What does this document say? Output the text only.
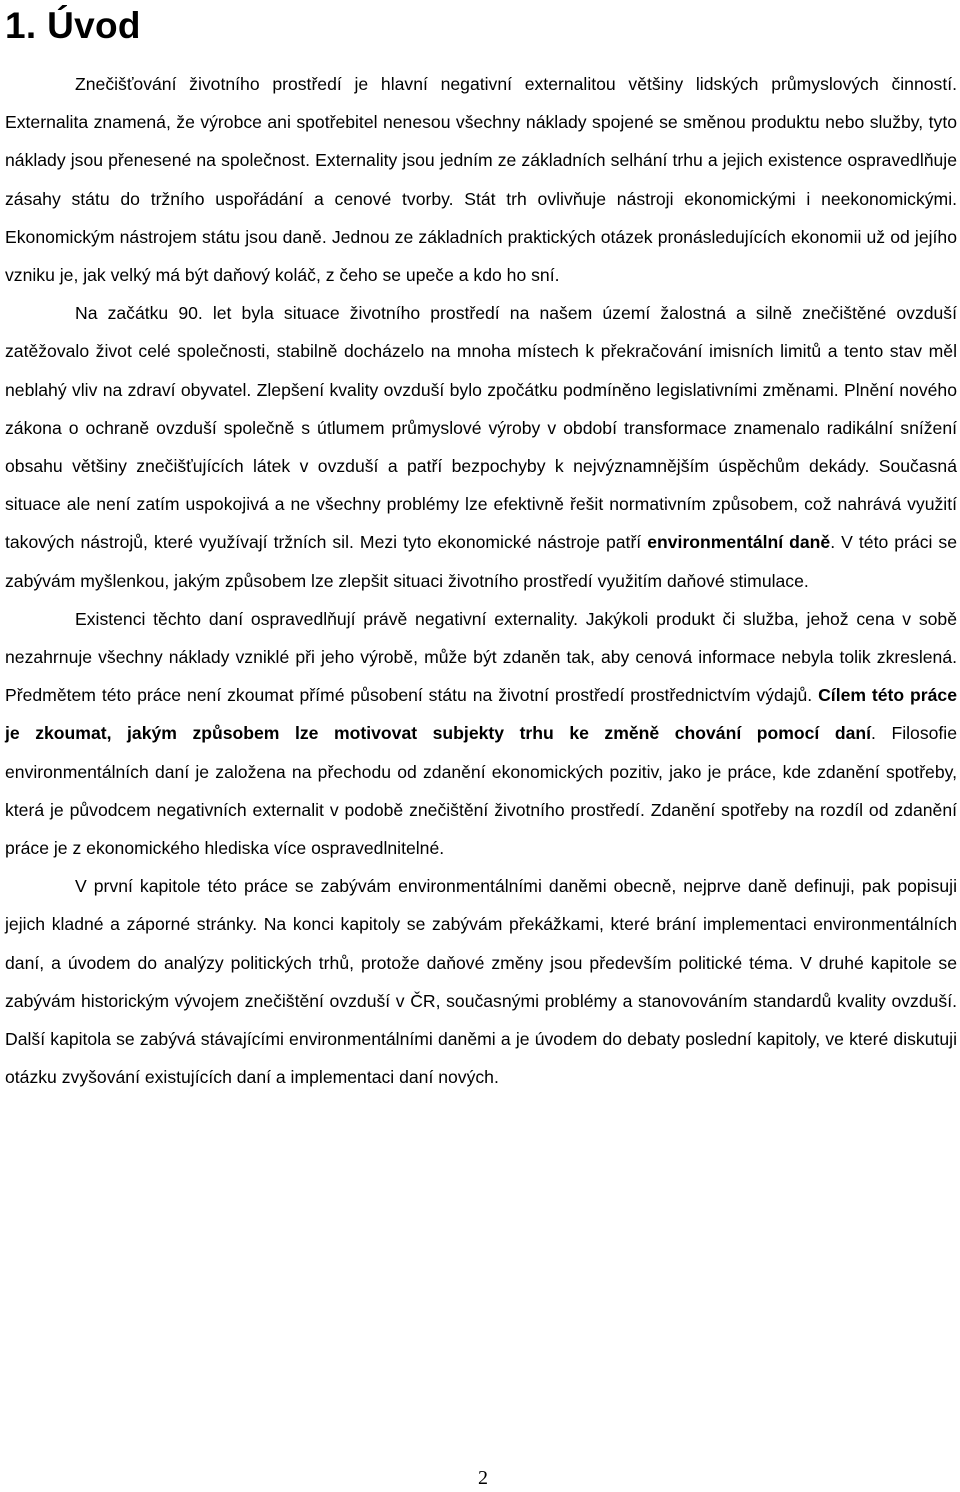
1. Úvod

Znečišťování životního prostředí je hlavní negativní externalitou většiny lidských průmyslových činností. Externalita znamená, že výrobce ani spotřebitel nenesou všechny náklady spojené se směnou produktu nebo služby, tyto náklady jsou přenesené na společnost. Externality jsou jedním ze základních selhání trhu a jejich existence ospravedlňuje zásahy státu do tržního uspořádání a cenové tvorby. Stát trh ovlivňuje nástroji ekonomickými i neekonomickými. Ekonomickým nástrojem státu jsou daně. Jednou ze základních praktických otázek pronásledujících ekonomii už od jejího vzniku je, jak velký má být daňový koláč, z čeho se upeče a kdo ho sní.

Na začátku 90. let byla situace životního prostředí na našem území žalostná a silně znečištěné ovzduší zatěžovalo život celé společnosti, stabilně docházelo na mnoha místech k překračování imisních limitů a tento stav měl neblahý vliv na zdraví obyvatel. Zlepšení kvality ovzduší bylo zpočátku podmíněno legislativními změnami. Plnění nového zákona o ochraně ovzduší společně s útlumem průmyslové výroby v období transformace znamenalo radikální snížení obsahu většiny znečišťujících látek v ovzduší a patří bezpochyby k nejvýznamnějším úspěchům dekády. Současná situace ale není zatím uspokojivá a ne všechny problémy lze efektivně řešit normativním způsobem, což nahrává využití takových nástrojů, které využívají tržních sil. Mezi tyto ekonomické nástroje patří environmentální daně. V této práci se zabývám myšlenkou, jakým způsobem lze zlepšit situaci životního prostředí využitím daňové stimulace.

Existenci těchto daní ospravedlňují právě negativní externality. Jakýkoli produkt či služba, jehož cena v sobě nezahrnuje všechny náklady vzniklé při jeho výrobě, může být zdaněn tak, aby cenová informace nebyla tolik zkreslená. Předmětem této práce není zkoumat přímé působení státu na životní prostředí prostřednictvím výdajů. Cílem této práce je zkoumat, jakým způsobem lze motivovat subjekty trhu ke změně chování pomocí daní. Filosofie environmentálních daní je založena na přechodu od zdanění ekonomických pozitiv, jako je práce, kde zdanění spotřeby, která je původcem negativních externalit v podobě znečištění životního prostředí. Zdanění spotřeby na rozdíl od zdanění práce je z ekonomického hlediska více ospravedlnitelné.

V první kapitole této práce se zabývám environmentálními daněmi obecně, nejprve daně definuji, pak popisuji jejich kladné a záporné stránky. Na konci kapitoly se zabývám překážkami, které brání implementaci environmentálních daní, a úvodem do analýzy politických trhů, protože daňové změny jsou především politické téma. V druhé kapitole se zabývám historickým vývojem znečištění ovzduší v ČR, současnými problémy a stanovováním standardů kvality ovzduší. Další kapitola se zabývá stávajícími environmentálními daněmi a je úvodem do debaty poslední kapitoly, ve které diskutuji otázku zvyšování existujících daní a implementaci daní nových.

2
